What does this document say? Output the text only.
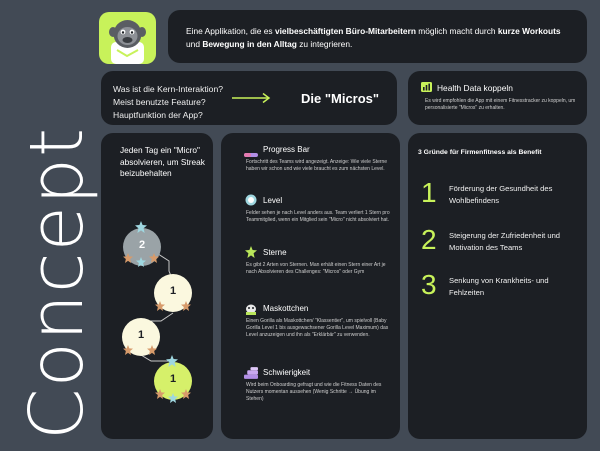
Concept

Eine Applikation, die es vielbeschäftigten Büro-Mitarbeitern möglich macht durch kurze Workouts und Bewegung in den Alltag zu integrieren.

Was ist die Kern-Interaktion?
Meist benutzte Feature?
Hauptfunktion der App?
Die "Micros"
Health Data koppeln
Es wird empfohlen die App mit einem Fitnesstracker zu koppeln, um personalisierte "Micros" zu erhalten.
Jeden Tag ein "Micro" absolvieren, um Streak beizubehalten
2
1
1
1
Progress Bar
Fortschritt des Teams wird angezeigt. Anzeige: Wie viele Sterne haben wir schon und wie viele braucht es zum nächsten Level.
Level
Felder sehen je nach Level anders aus. Team verliert 1 Stern pro Teammitglied, wenn ein Mitglied sein "Micro" nicht absolviert hat.
Sterne
Es gibt 2 Arten von Sternen. Man erhält einen Stern einer Art je nach Absolvieren des Challenges: "Micros" oder Gym
Maskottchen
Einen Gorilla als Maskottchen/ "Klassentier", um spielvoll (Baby Gorilla Level 1 bis ausgewachsener Gorilla Level Maximum) das Level anzuzeigen und ihn als "Erklärbär" zu verwenden.
Schwierigkeit
Wird beim Onboarding gefragt und wie die Fitness Daten des Nutzers momentan aussehen (Wenig Schritte → Übung im Stehen)
3 Gründe für Firmenfitness als Benefit
1 Förderung der Gesundheit des Wohlbefindens
2 Steigerung der Zufriedenheit und Motivation des Teams
3 Senkung von Krankheits- und Fehlzeiten
